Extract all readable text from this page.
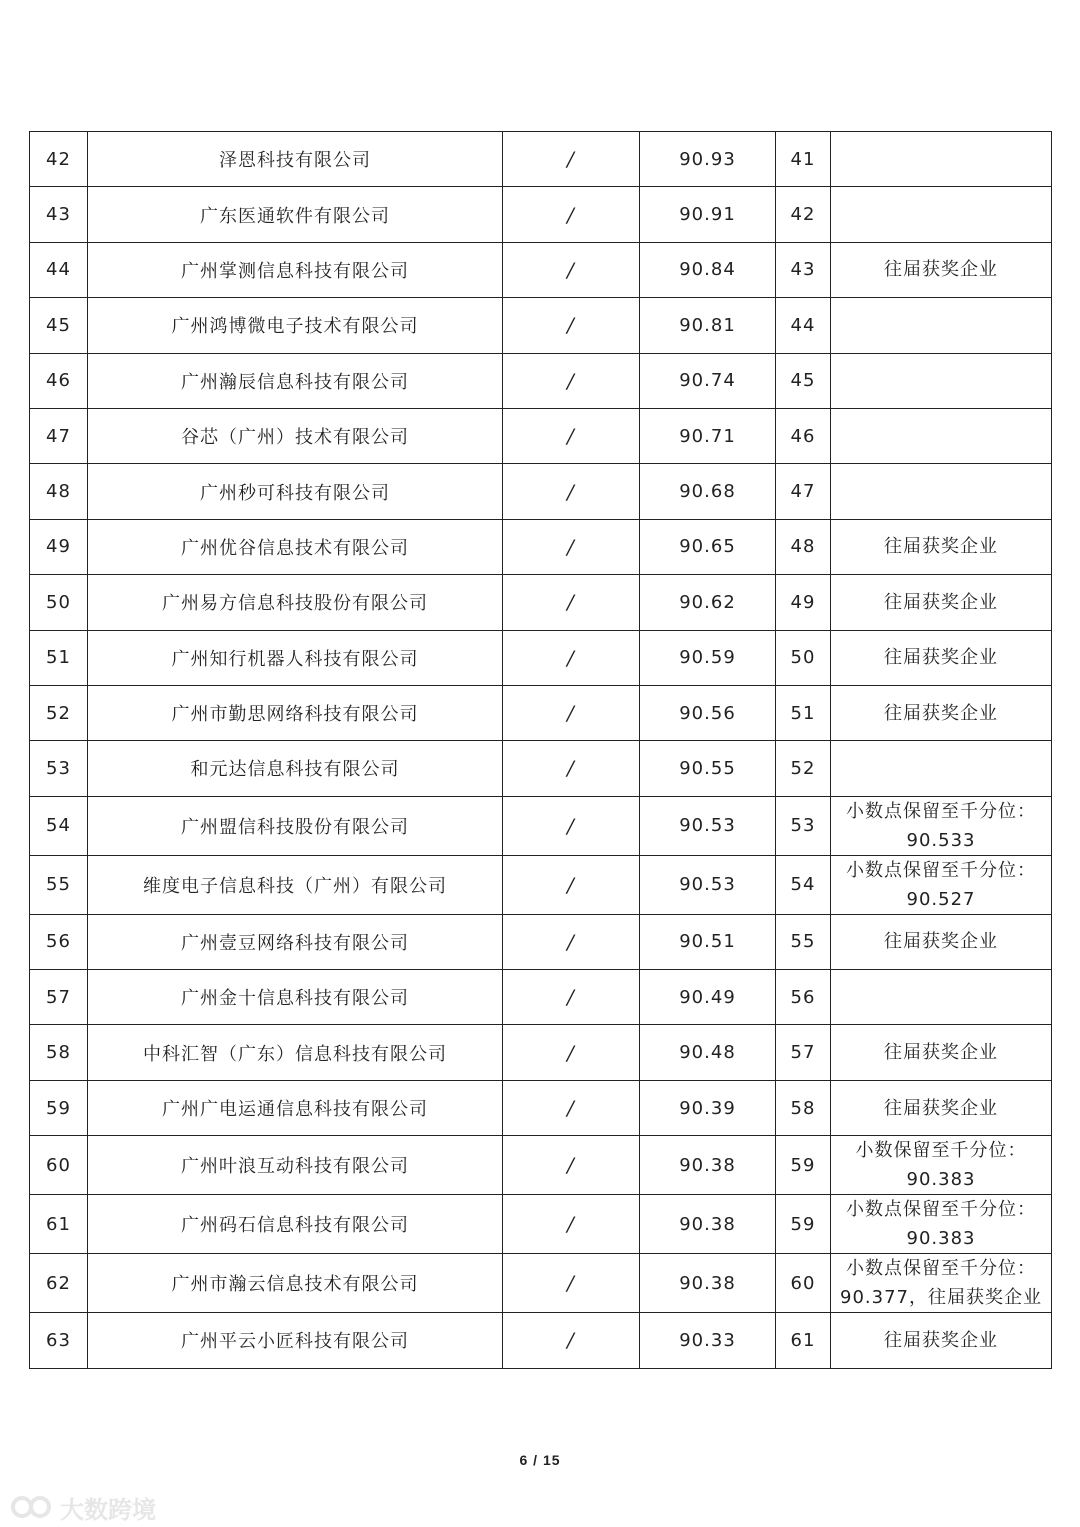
42	泽恩科技有限公司	/	90.93	41	

43	广东医通软件有限公司	/	90.91	42	

44	广州掌测信息科技有限公司	/	90.84	43	往届获奖企业

45	广州鸿博微电子技术有限公司	/	90.81	44	

46	广州瀚辰信息科技有限公司	/	90.74	45	

47	谷芯（广州）技术有限公司	/	90.71	46	

48	广州秒可科技有限公司	/	90.68	47	

49	广州优谷信息技术有限公司	/	90.65	48	往届获奖企业

50	广州易方信息科技股份有限公司	/	90.62	49	往届获奖企业

51	广州知行机器人科技有限公司	/	90.59	50	往届获奖企业

52	广州市勤思网络科技有限公司	/	90.56	51	往届获奖企业

53	和元达信息科技有限公司	/	90.55	52	

54	广州盟信科技股份有限公司	/	90.53	53	小数点保留至千分位：
90.533

55	维度电子信息科技（广州）有限公司	/	90.53	54	小数点保留至千分位：
90.527

56	广州壹豆网络科技有限公司	/	90.51	55	往届获奖企业

57	广州金十信息科技有限公司	/	90.49	56	

58	中科汇智（广东）信息科技有限公司	/	90.48	57	往届获奖企业

59	广州广电运通信息科技有限公司	/	90.39	58	往届获奖企业

60	广州叶浪互动科技有限公司	/	90.38	59	小数保留至千分位：
90.383

61	广州码石信息科技有限公司	/	90.38	59	小数点保留至千分位：
90.383

62	广州市瀚云信息技术有限公司	/	90.38	60	小数点保留至千分位：
90.377，往届获奖企业

63	广州平云小匠科技有限公司	/	90.33	61	往届获奖企业
6 / 15
大数跨境
